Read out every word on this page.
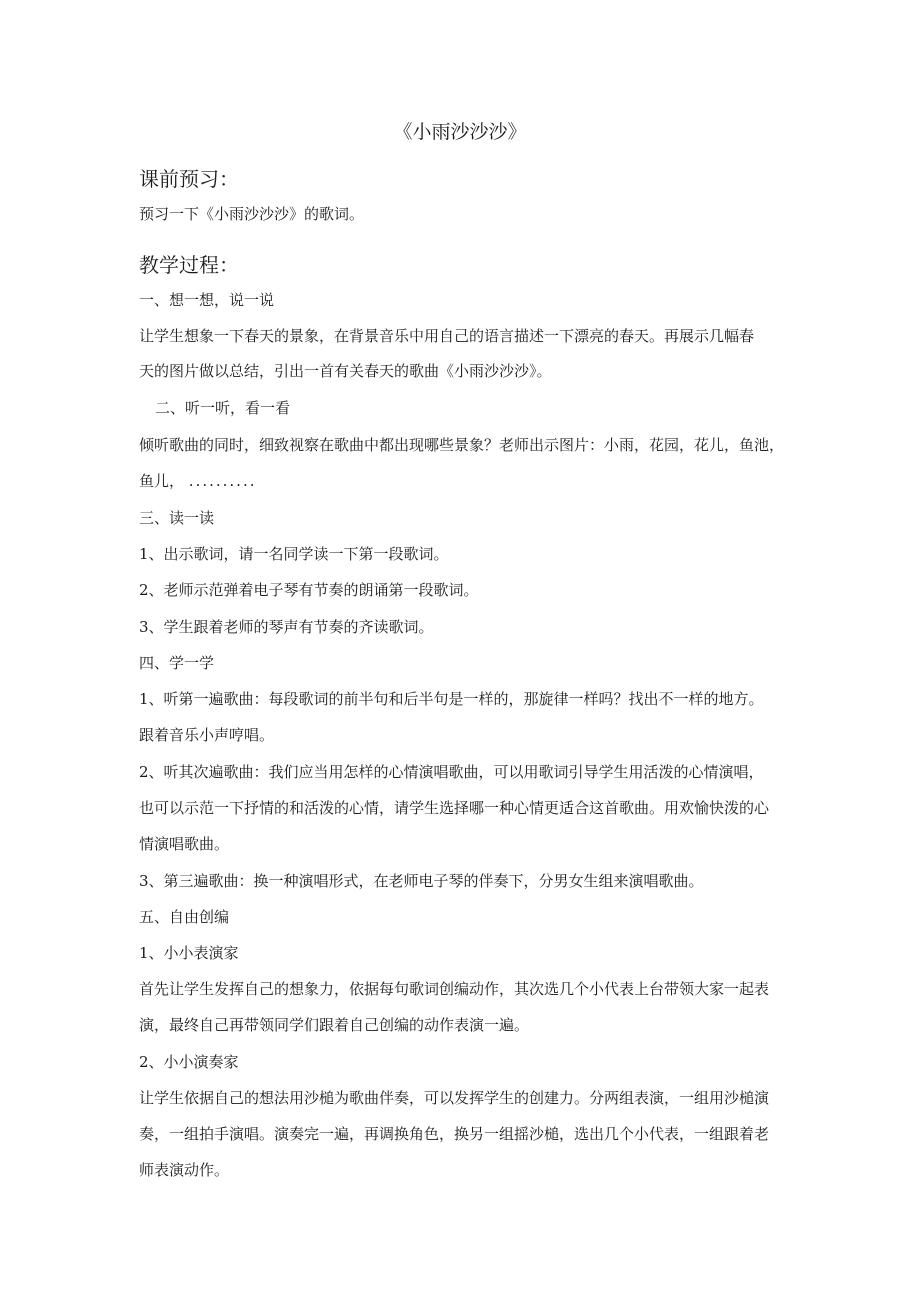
《小雨沙沙沙》
课前预习：
预习一下《小雨沙沙沙》的歌词。
教学过程：
一、想一想，说一说
让学生想象一下春天的景象，在背景音乐中用自己的语言描述一下漂亮的春天。再展示几幅春
天的图片做以总结，引出一首有关春天的歌曲《小雨沙沙沙》。
二、听一听，看一看
倾听歌曲的同时，细致视察在歌曲中都出现哪些景象？老师出示图片：小雨，花园，花儿，鱼池，
鱼儿， ..........
三、读一读
1、出示歌词，请一名同学读一下第一段歌词。
2、老师示范弹着电子琴有节奏的朗诵第一段歌词。
3、学生跟着老师的琴声有节奏的齐读歌词。
四、学一学
1、听第一遍歌曲：每段歌词的前半句和后半句是一样的，那旋律一样吗？找出不一样的地方。
跟着音乐小声哼唱。
2、听其次遍歌曲：我们应当用怎样的心情演唱歌曲，可以用歌词引导学生用活泼的心情演唱，
也可以示范一下抒情的和活泼的心情，请学生选择哪一种心情更适合这首歌曲。用欢愉快泼的心
情演唱歌曲。
3、第三遍歌曲：换一种演唱形式，在老师电子琴的伴奏下，分男女生组来演唱歌曲。
五、自由创编
1、小小表演家
首先让学生发挥自己的想象力，依据每句歌词创编动作，其次选几个小代表上台带领大家一起表
演，最终自己再带领同学们跟着自己创编的动作表演一遍。
2、小小演奏家
让学生依据自己的想法用沙槌为歌曲伴奏，可以发挥学生的创建力。分两组表演，一组用沙槌演
奏，一组拍手演唱。演奏完一遍，再调换角色，换另一组摇沙槌，选出几个小代表，一组跟着老
师表演动作。
